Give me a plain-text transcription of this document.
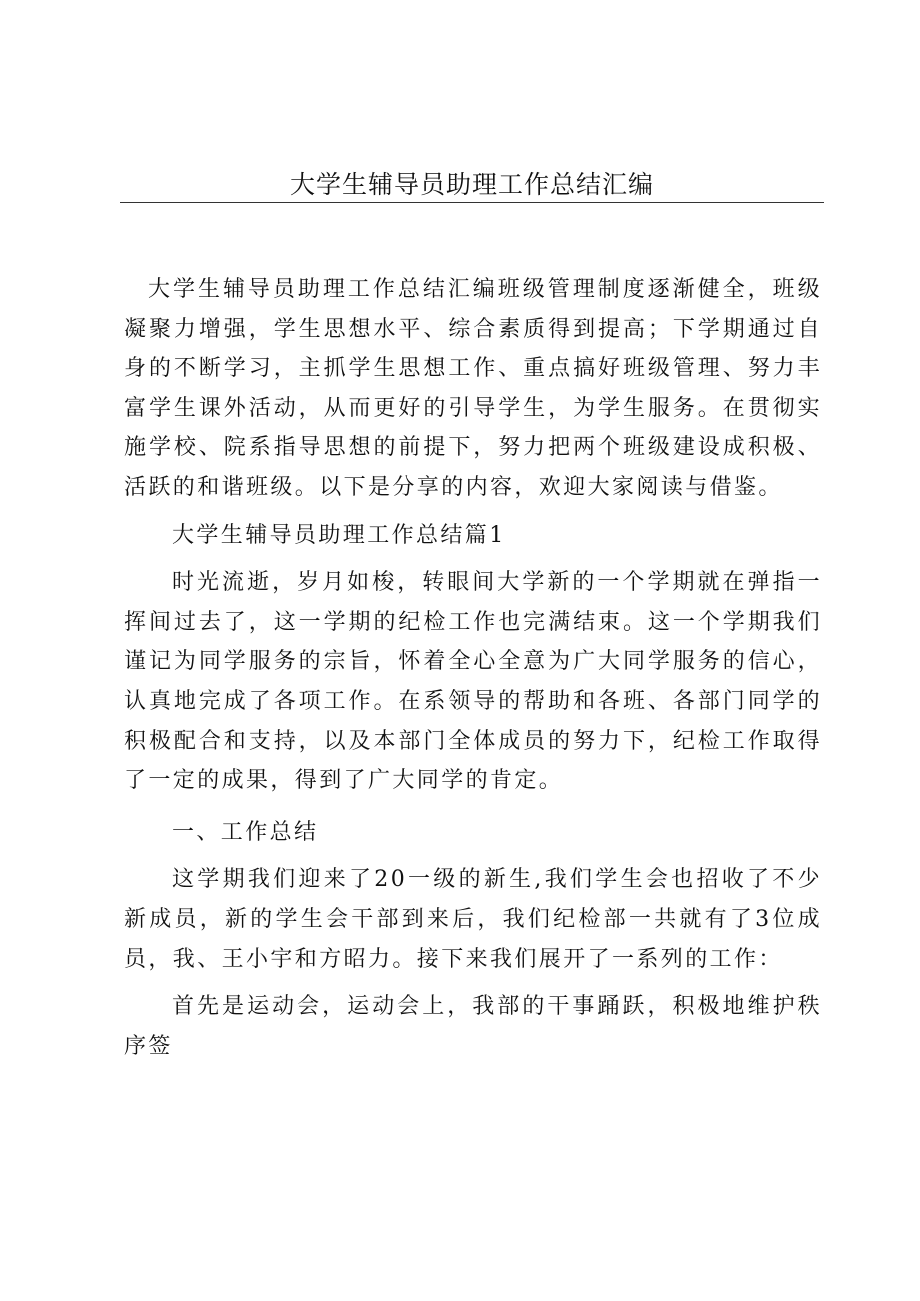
大学生辅导员助理工作总结汇编

大学生辅导员助理工作总结汇编班级管理制度逐渐健全，班级凝聚力增强，学生思想水平、综合素质得到提高；下学期通过自身的不断学习，主抓学生思想工作、重点搞好班级管理、努力丰富学生课外活动，从而更好的引导学生，为学生服务。在贯彻实施学校、院系指导思想的前提下，努力把两个班级建设成积极、活跃的和谐班级。以下是分享的内容，欢迎大家阅读与借鉴。

大学生辅导员助理工作总结篇1

时光流逝，岁月如梭，转眼间大学新的一个学期就在弹指一挥间过去了，这一学期的纪检工作也完满结束。这一个学期我们谨记为同学服务的宗旨，怀着全心全意为广大同学服务的信心，认真地完成了各项工作。在系领导的帮助和各班、各部门同学的积极配合和支持，以及本部门全体成员的努力下，纪检工作取得了一定的成果，得到了广大同学的肯定。

一、工作总结

这学期我们迎来了20一级的新生,我们学生会也招收了不少新成员，新的学生会干部到来后，我们纪检部一共就有了3位成员，我、王小宇和方昭力。接下来我们展开了一系列的工作：

首先是运动会，运动会上，我部的干事踊跃，积极地维护秩序签
